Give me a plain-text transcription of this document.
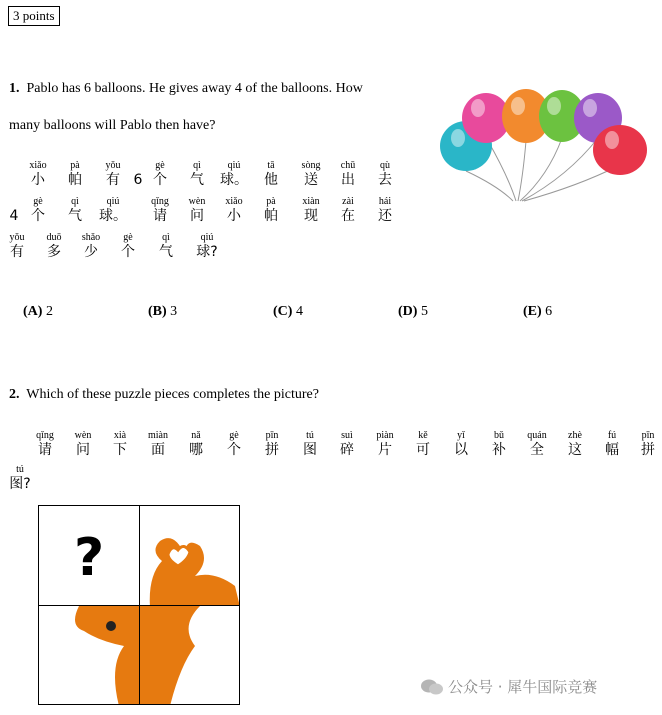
3 points
1. Pablo has 6 balloons. He gives away 4 of the balloons. How
many balloons will Pablo then have?
xiǎo
小
pà
帕
yǒu
有 6
gè
个
qì
气
qiú
球。
tā
他
sòng
送
chū
出
qù
去
4
gè
个
qì
气
qiú
球。
qǐng
请
wèn
问
xiǎo
小
pà
帕
xiàn
现
zài
在
hái
还
yǒu
有
duō
多
shǎo
少
gè
个
qì
气
qiú
球?
(A) 2	(B) 3	(C) 4	(D) 5	(E) 6
2. Which of these puzzle pieces completes the picture?
qǐng
请
wèn
问
xià
下
miàn
面
nǎ
哪
gè
个
pīn
拼
tú
图
suì
碎
piàn
片
kě
可
yǐ
以
bǔ
补
quán
全
zhè
这
fú
幅
pīn
拼
tú
图?
?
公众号 · 犀牛国际竞赛
